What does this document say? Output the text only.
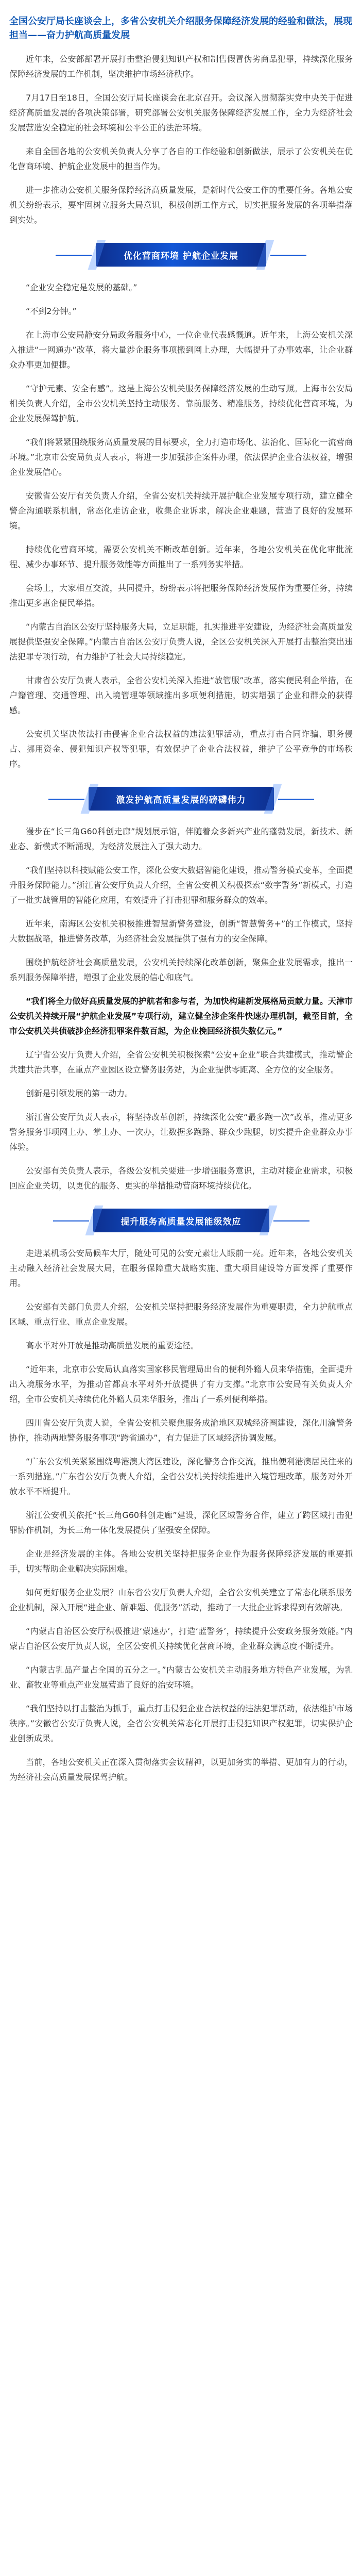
全国公安厅局长座谈会上，多省公安机关介绍服务保障经济发展的经验和做法，展现担当——奋力护航高质量发展

近年来，公安部部署开展打击整治侵犯知识产权和制售假冒伪劣商品犯罪，持续深化服务保障经济发展的工作机制，坚决维护市场经济秩序。

7月17日至18日，全国公安厅局长座谈会在北京召开。会议深入贯彻落实党中央关于促进经济高质量发展的各项决策部署，研究部署公安机关服务保障经济发展工作，全力为经济社会发展营造安全稳定的社会环境和公平公正的法治环境。

来自全国各地的公安机关负责人分享了各自的工作经验和创新做法，展示了公安机关在优化营商环境、护航企业发展中的担当作为。

进一步推动公安机关服务保障经济高质量发展，是新时代公安工作的重要任务。各地公安机关纷纷表示，要牢固树立服务大局意识，积极创新工作方式，切实把服务发展的各项举措落到实处。

优化营商环境 护航企业发展

“企业安全稳定是发展的基础。”

“不到2分钟。”

在上海市公安局静安分局政务服务中心，一位企业代表感慨道。近年来，上海公安机关深入推进“一网通办”改革，将大量涉企服务事项搬到网上办理，大幅提升了办事效率，让企业群众办事更加便捷。

“守护元素、安全有感”。这是上海公安机关服务保障经济发展的生动写照。上海市公安局相关负责人介绍，全市公安机关坚持主动服务、靠前服务、精准服务，持续优化营商环境，为企业发展保驾护航。

“我们将紧紧围绕服务高质量发展的目标要求，全力打造市场化、法治化、国际化一流营商环境。”北京市公安局负责人表示，将进一步加强涉企案件办理，依法保护企业合法权益，增强企业发展信心。

安徽省公安厅有关负责人介绍，全省公安机关持续开展护航企业发展专项行动，建立健全警企沟通联系机制，常态化走访企业，收集企业诉求，解决企业难题，营造了良好的发展环境。

持续优化营商环境，需要公安机关不断改革创新。近年来，各地公安机关在优化审批流程、减少办事环节、提升服务效能等方面推出了一系列务实举措。

会场上，大家相互交流，共同提升，纷纷表示将把服务保障经济发展作为重要任务，持续推出更多惠企便民举措。

“内蒙古自治区公安厅坚持服务大局，立足职能，扎实推进平安建设，为经济社会高质量发展提供坚强安全保障。”内蒙古自治区公安厅负责人说，全区公安机关深入开展打击整治突出违法犯罪专项行动，有力维护了社会大局持续稳定。

甘肃省公安厅负责人表示，全省公安机关深入推进“放管服”改革，落实便民利企举措，在户籍管理、交通管理、出入境管理等领域推出多项便利措施，切实增强了企业和群众的获得感。

公安机关坚决依法打击侵害企业合法权益的违法犯罪活动，重点打击合同诈骗、职务侵占、挪用资金、侵犯知识产权等犯罪，有效保护了企业合法权益，维护了公平竞争的市场秩序。

激发护航高质量发展的磅礴伟力

漫步在“长三角G60科创走廊”规划展示馆，伴随着众多新兴产业的蓬勃发展，新技术、新业态、新模式不断涌现，为经济发展注入了强大动力。

“我们坚持以科技赋能公安工作，深化公安大数据智能化建设，推动警务模式变革，全面提升服务保障能力。”浙江省公安厅负责人介绍，全省公安机关积极探索“数字警务”新模式，打造了一批实战管用的智能化应用，有效提升了打击犯罪和服务群众的效率。

近年来，南海区公安机关积极推进智慧新警务建设，创新“智慧警务+”的工作模式，坚持大数据战略，推进警务改革，为经济社会发展提供了强有力的安全保障。

围绕护航经济社会高质量发展，公安机关持续深化改革创新，聚焦企业发展需求，推出一系列服务保障举措，增强了企业发展的信心和底气。

“我们将全力做好高质量发展的护航者和参与者，为加快构建新发展格局贡献力量。天津市公安机关持续开展“护航企业发展”专项行动，建立健全涉企案件快速办理机制，截至目前，全市公安机关共侦破涉企经济犯罪案件数百起，为企业挽回经济损失数亿元。”

辽宁省公安厅负责人介绍，全省公安机关积极探索“公安+企业”联合共建模式，推动警企共建共治共享，在重点产业园区设立警务服务站，为企业提供零距离、全方位的安全服务。

创新是引领发展的第一动力。

浙江省公安厅负责人表示，将坚持改革创新，持续深化公安“最多跑一次”改革，推动更多警务服务事项网上办、掌上办、一次办，让数据多跑路、群众少跑腿，切实提升企业群众办事体验。

公安部有关负责人表示，各级公安机关要进一步增强服务意识，主动对接企业需求，积极回应企业关切，以更优的服务、更实的举措推动营商环境持续优化。

提升服务高质量发展能级效应

走进某机场公安局候车大厅，随处可见的公安元素让人眼前一亮。近年来，各地公安机关主动融入经济社会发展大局，在服务保障重大战略实施、重大项目建设等方面发挥了重要作用。

公安部有关部门负责人介绍，公安机关坚持把服务经济发展作为重要职责，全力护航重点区域、重点行业、重点企业发展。

高水平对外开放是推动高质量发展的重要途径。

“近年来，北京市公安局认真落实国家移民管理局出台的便利外籍人员来华措施，全面提升出入境服务水平，为推动首都高水平对外开放提供了有力支撑。”北京市公安局有关负责人介绍，全市公安机关持续优化外籍人员来华服务，推出了一系列便利举措。

四川省公安厅负责人说，全省公安机关聚焦服务成渝地区双城经济圈建设，深化川渝警务协作，推动两地警务服务事项“跨省通办”，有力促进了区域经济协调发展。

“广东公安机关紧紧围绕粤港澳大湾区建设，深化警务合作交流，推出便利港澳居民往来的一系列措施。”广东省公安厅负责人介绍，全省公安机关持续推进出入境管理改革，服务对外开放水平不断提升。

浙江公安机关依托“长三角G60科创走廊”建设，深化区域警务合作，建立了跨区域打击犯罪协作机制，为长三角一体化发展提供了坚强安全保障。

企业是经济发展的主体。各地公安机关坚持把服务企业作为服务保障经济发展的重要抓手，切实帮助企业解决实际困难。

如何更好服务企业发展？山东省公安厅负责人介绍，全省公安机关建立了常态化联系服务企业机制，深入开展“进企业、解难题、优服务”活动，推动了一大批企业诉求得到有效解决。

“内蒙古自治区公安厅积极推进‘蒙速办’，打造‘蓝警务’，持续提升公安政务服务效能。”内蒙古自治区公安厅负责人说，全区公安机关持续优化营商环境，企业群众满意度不断提升。

“内蒙古乳品产量占全国的五分之一。”内蒙古公安机关主动服务地方特色产业发展，为乳业、畜牧业等重点产业发展营造了良好的治安环境。

“我们坚持以打击整治为抓手，重点打击侵犯企业合法权益的违法犯罪活动，依法维护市场秩序。”安徽省公安厅负责人说，全省公安机关常态化开展打击侵犯知识产权犯罪，切实保护企业创新成果。

当前，各地公安机关正在深入贯彻落实会议精神，以更加务实的举措、更加有力的行动，为经济社会高质量发展保驾护航。
